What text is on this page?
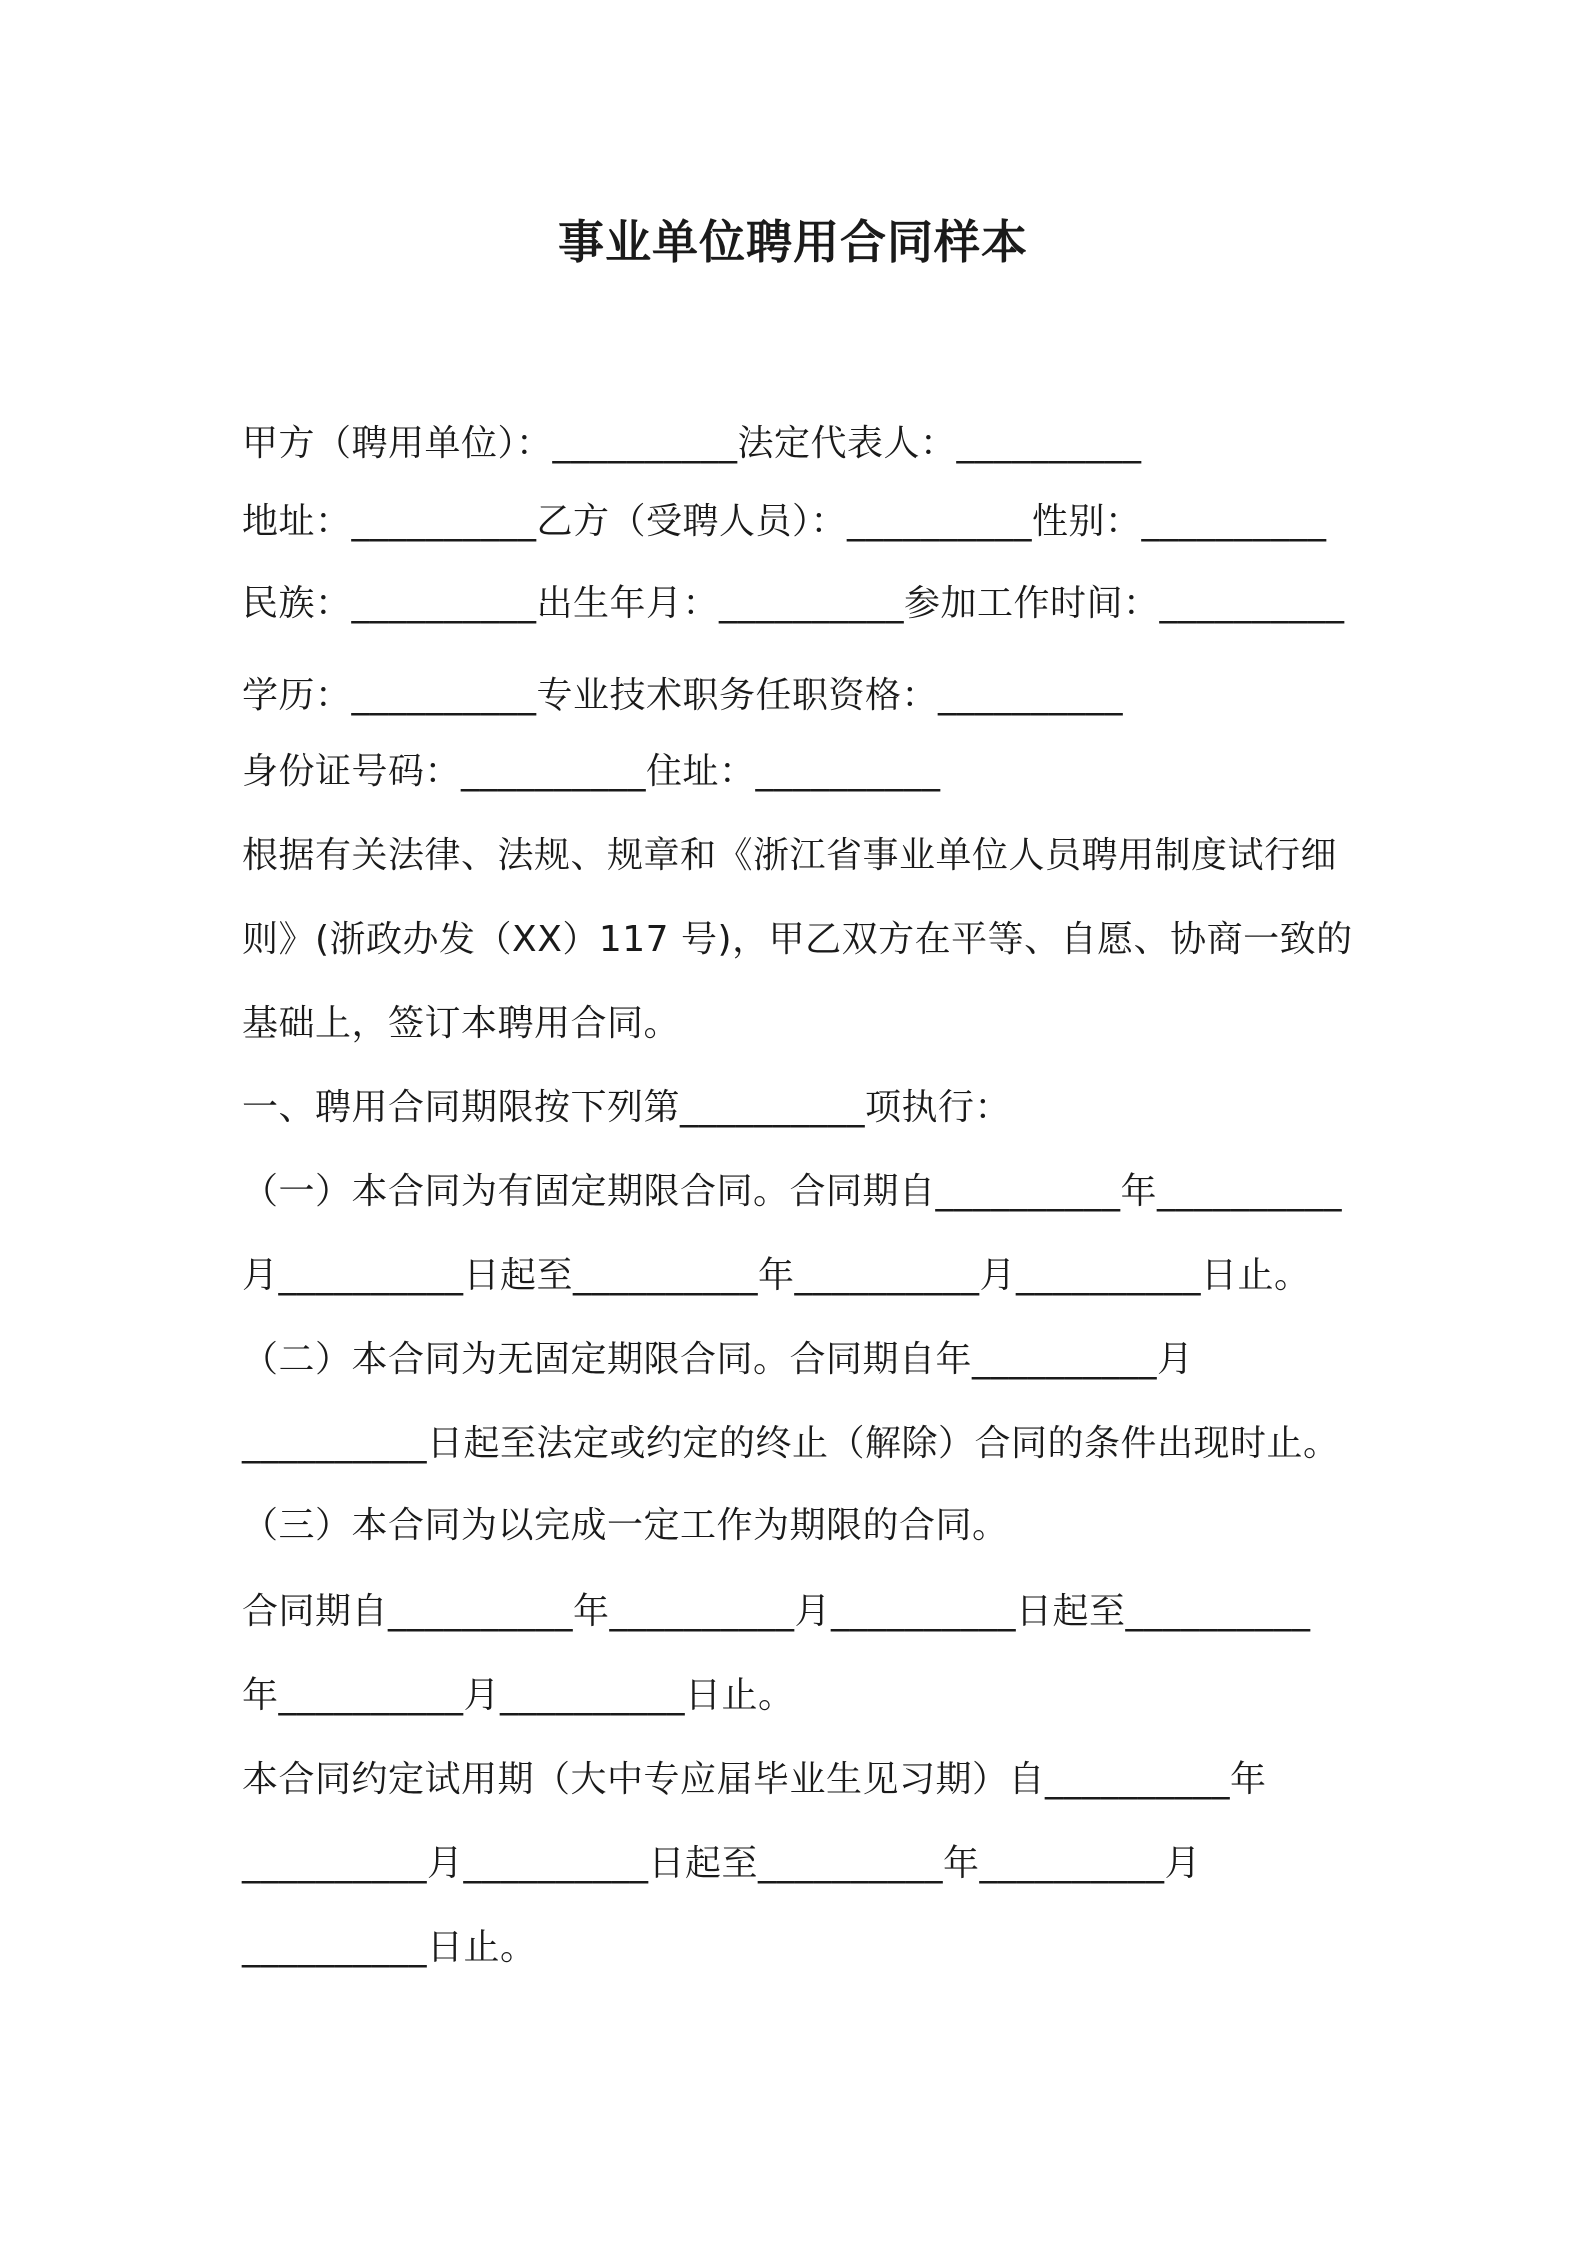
事业单位聘用合同样本
甲方（聘用单位）：__________法定代表人：__________
地址：__________乙方（受聘人员）：__________性别：__________
民族：__________出生年月：__________参加工作时间：__________
学历：__________专业技术职务任职资格：__________
身份证号码：__________住址：__________
根据有关法律、法规、规章和《浙江省事业单位人员聘用制度试行细
则》(浙政办发（XX）117 号)，甲乙双方在平等、自愿、协商一致的
基础上，签订本聘用合同。
一、聘用合同期限按下列第__________项执行：
（一）本合同为有固定期限合同。合同期自__________年__________
月__________日起至__________年__________月__________日止。
（二）本合同为无固定期限合同。合同期自年__________月
__________日起至法定或约定的终止（解除）合同的条件出现时止。
（三）本合同为以完成一定工作为期限的合同。
合同期自__________年__________月__________日起至__________
年__________月__________日止。
本合同约定试用期（大中专应届毕业生见习期）自__________年
__________月__________日起至__________年__________月
__________日止。
